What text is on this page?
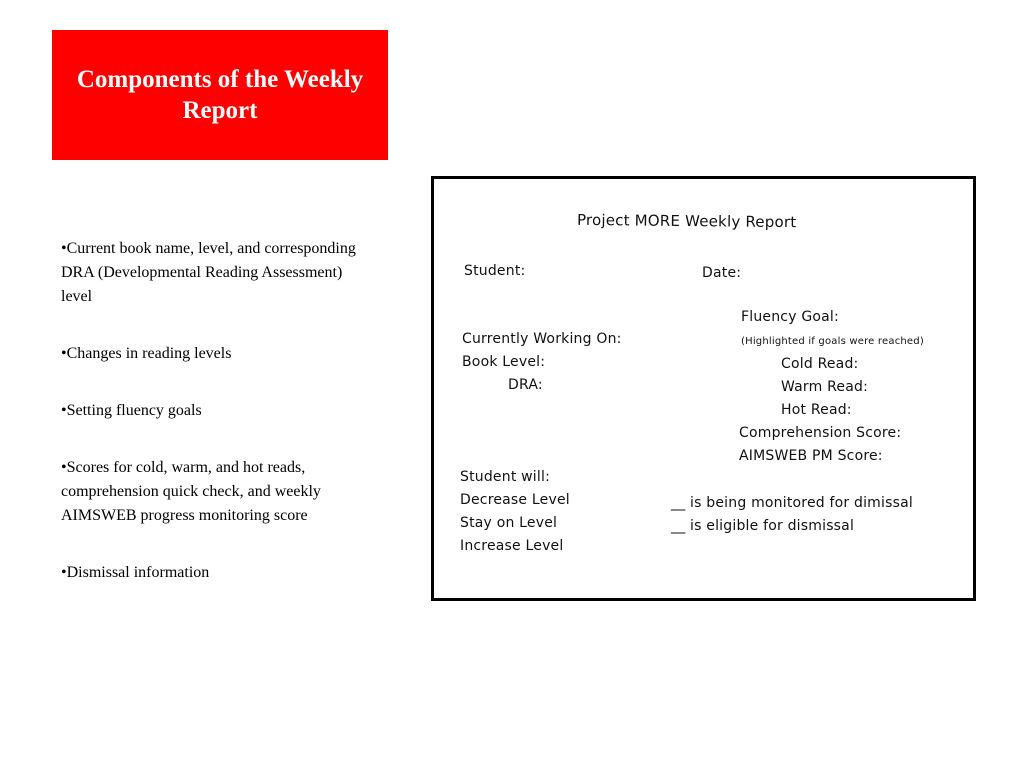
Components of the Weekly Report
•Current book name, level, and corresponding DRA (Developmental Reading Assessment) level
•Changes in reading levels
•Setting fluency goals
•Scores for cold, warm, and hot reads, comprehension quick check, and weekly AIMSWEB progress monitoring score
•Dismissal information
Project MORE Weekly Report
Student:	Date:
Fluency Goal:
(Highlighted if goals were reached)
Currently Working On:
Book Level:
DRA:
Cold Read:
Warm Read:
Hot Read:
Comprehension Score:
AIMSWEB PM Score:
Student will:
Decrease Level
Stay on Level
Increase Level
__ is being monitored for dimissal
__ is eligible for dismissal
